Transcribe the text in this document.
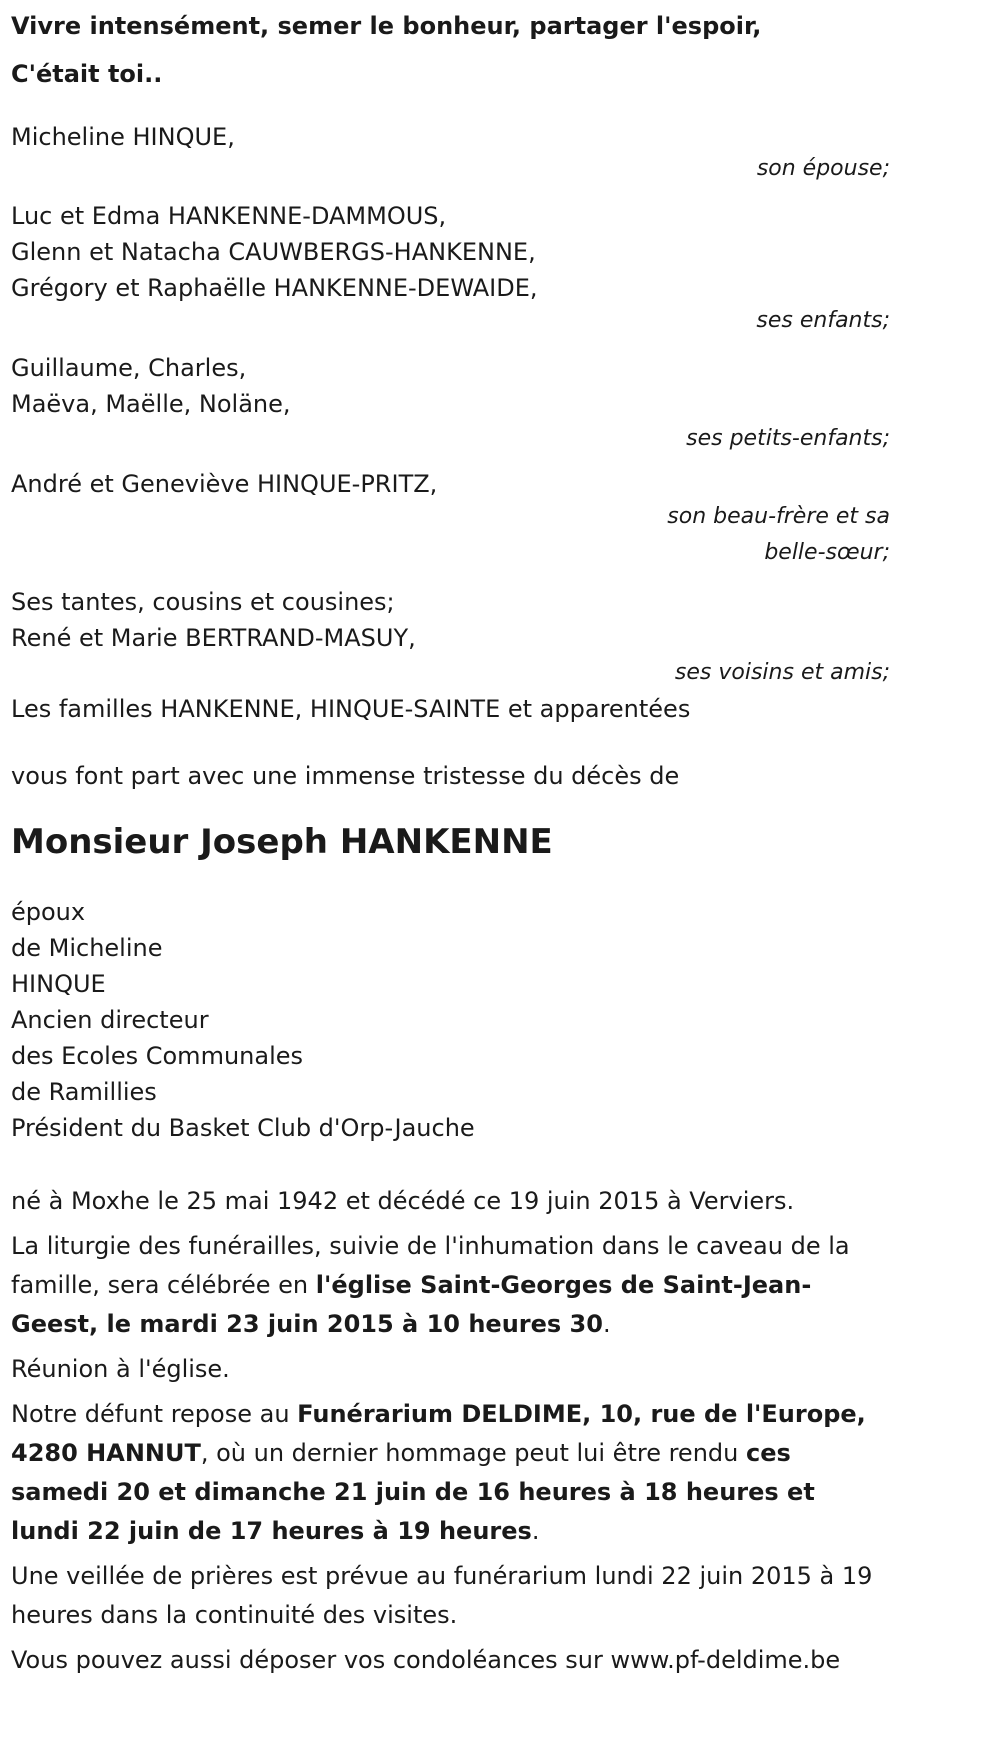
Vivre intensément, semer le bonheur, partager l'espoir,
C'était toi..
Micheline HINQUE,
son épouse;
Luc et Edma HANKENNE-DAMMOUS,
Glenn et Natacha CAUWBERGS-HANKENNE,
Grégory et Raphaëlle HANKENNE-DEWAIDE,
ses enfants;
Guillaume, Charles,
Maëva, Maëlle, Noläne,
ses petits-enfants;
André et Geneviève HINQUE-PRITZ,
son beau-frère et sa
belle-sœur;
Ses tantes, cousins et cousines;
René et Marie BERTRAND-MASUY,
ses voisins et amis;
Les familles HANKENNE, HINQUE-SAINTE et apparentées
vous font part avec une immense tristesse du décès de
Monsieur Joseph HANKENNE
époux
de Micheline
HINQUE
Ancien directeur
des Ecoles Communales
de Ramillies
Président du Basket Club d'Orp-Jauche

né à Moxhe le 25 mai 1942 et décédé ce 19 juin 2015 à Verviers.

La liturgie des funérailles, suivie de l'inhumation dans le caveau de la famille, sera célébrée en l'église Saint-Georges de Saint-Jean-Geest, le mardi 23 juin 2015 à 10 heures 30.

Réunion à l'église.

Notre défunt repose au Funérarium DELDIME, 10, rue de l'Europe, 4280 HANNUT, où un dernier hommage peut lui être rendu ces samedi 20 et dimanche 21 juin de 16 heures à 18 heures et lundi 22 juin de 17 heures à 19 heures.

Une veillée de prières est prévue au funérarium lundi 22 juin 2015 à 19 heures dans la continuité des visites.

Vous pouvez aussi déposer vos condoléances sur www.pf-deldime.be
